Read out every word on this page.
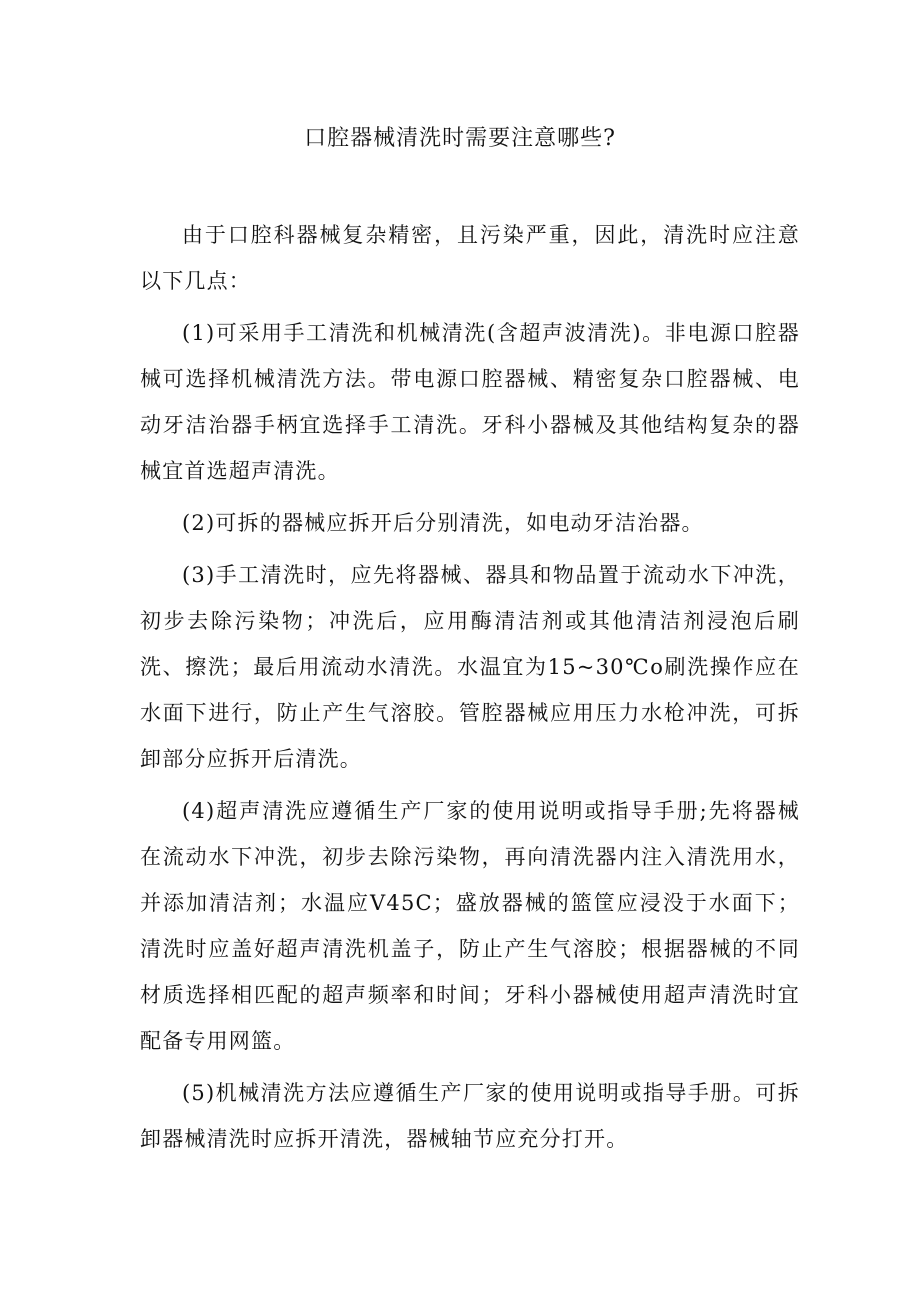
口腔器械清洗时需要注意哪些?

由于口腔科器械复杂精密，且污染严重，因此，清洗时应注意以下几点：

(1)可采用手工清洗和机械清洗(含超声波清洗)。非电源口腔器械可选择机械清洗方法。带电源口腔器械、精密复杂口腔器械、电动牙洁治器手柄宜选择手工清洗。牙科小器械及其他结构复杂的器械宜首选超声清洗。

(2)可拆的器械应拆开后分别清洗，如电动牙洁治器。

(3)手工清洗时，应先将器械、器具和物品置于流动水下冲洗，初步去除污染物；冲洗后，应用酶清洁剂或其他清洁剂浸泡后刷洗、擦洗；最后用流动水清洗。水温宜为15~30℃o刷洗操作应在水面下进行，防止产生气溶胶。管腔器械应用压力水枪冲洗，可拆卸部分应拆开后清洗。

(4)超声清洗应遵循生产厂家的使用说明或指导手册;先将器械在流动水下冲洗，初步去除污染物，再向清洗器内注入清洗用水，并添加清洁剂；水温应V45C；盛放器械的篮筐应浸没于水面下；清洗时应盖好超声清洗机盖子，防止产生气溶胶；根据器械的不同材质选择相匹配的超声频率和时间；牙科小器械使用超声清洗时宜配备专用网篮。

(5)机械清洗方法应遵循生产厂家的使用说明或指导手册。可拆卸器械清洗时应拆开清洗，器械轴节应充分打开。
